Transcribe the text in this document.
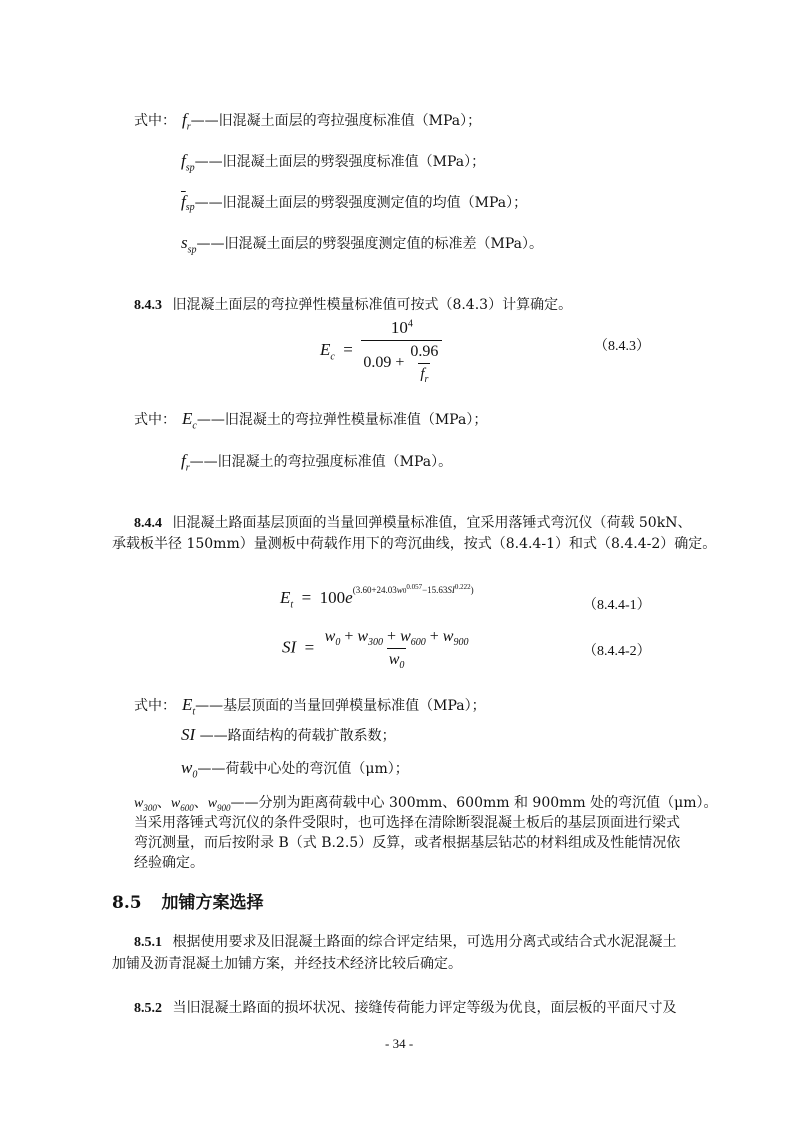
式中： $f_r——$旧混凝土面层的弯拉强度标准值（MPa）；
$f_{sp}——$旧混凝土面层的劈裂强度标准值（MPa）；
$\overline{f}_{sp}——$旧混凝土面层的劈裂强度测定值的均值（MPa）；
$s_{sp}——$旧混凝土面层的劈裂强度测定值的标准差（MPa）。
8.4.3 旧混凝土面层的弯拉弹性模量标准值可按式（8.4.3）计算确定。
$E_c = \frac{10^4}{0.09 + \frac{0.96}{f_r}}$	（8.4.3）
式中： $E_c——$旧混凝土的弯拉弹性模量标准值（MPa）；
$f_r——$旧混凝土的弯拉强度标准值（MPa）。
8.4.4 旧混凝土路面基层顶面的当量回弹模量标准值，宜采用落锤式弯沉仪（荷载 50kN、
承载板半径 150mm）量测板中荷载作用下的弯沉曲线，按式（8.4.4-1）和式（8.4.4-2）确定。
$E_t = 100e^{(3.60+24.03w0^{0.057}-15.63SI^{0.222})}$
（8.4.4-1）
SI = $\frac{w_0 + w_{300} + w_{600} + w_{900}}{w_0}$	（8.4.4-2）
式中： $E_t——$基层顶面的当量回弹模量标准值（MPa）；
SI ——路面结构的荷载扩散系数；
$w_0——$荷载中心处的弯沉值（μm）；
$w_{300}$、$w_{600}$、$w_{900}——$分别为距离荷载中心 300mm、600mm 和 900mm 处的弯沉值（μm）。
当采用落锤式弯沉仪的条件受限时，也可选择在清除断裂混凝土板后的基层顶面进行梁式
弯沉测量，而后按附录 B（式 B.2.5）反算，或者根据基层钻芯的材料组成及性能情况依
经验确定。
8.5 加铺方案选择
8.5.1 根据使用要求及旧混凝土路面的综合评定结果，可选用分离式或结合式水泥混凝土
加铺及沥青混凝土加铺方案，并经技术经济比较后确定。
8.5.2 当旧混凝土路面的损坏状况、接缝传荷能力评定等级为优良，面层板的平面尺寸及
- 34 -
